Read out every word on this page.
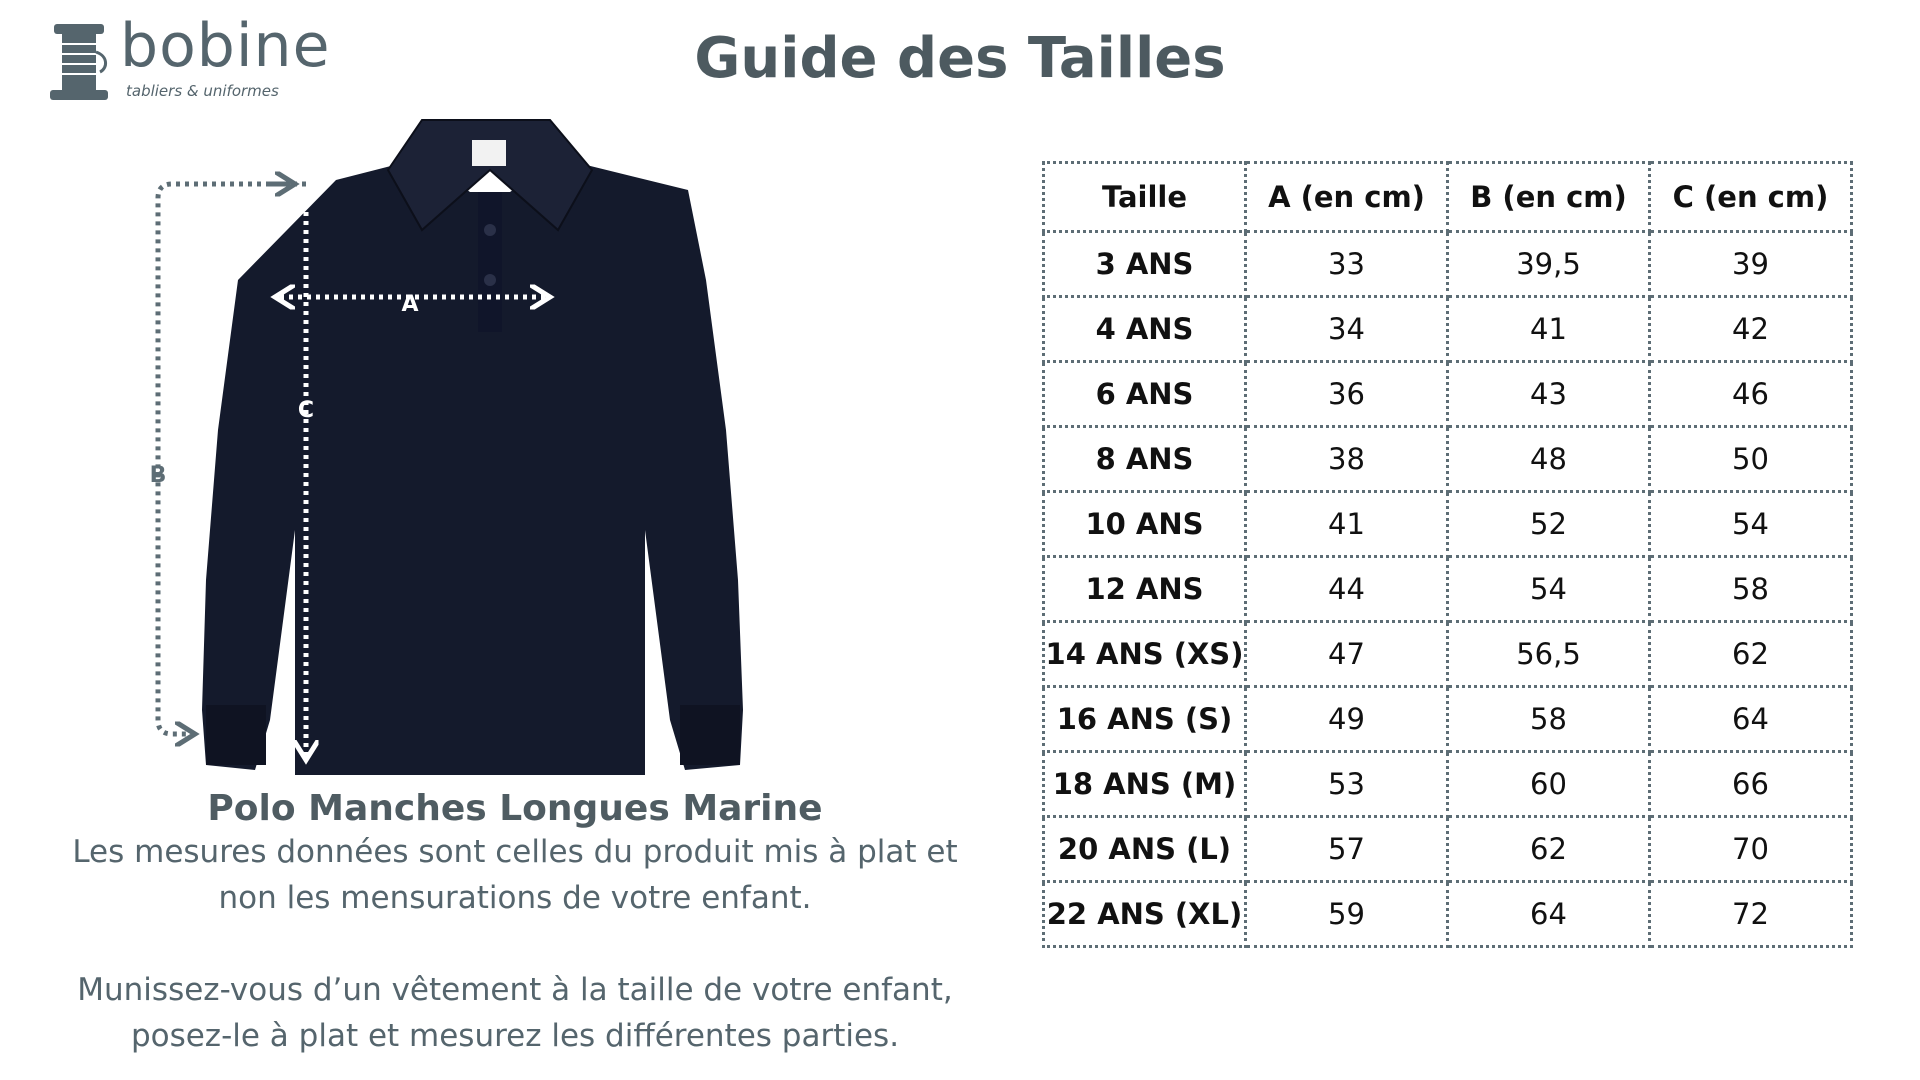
bobine
tabliers & uniformes	Guide des Tailles
A
C
B

Polo Manches Longues Marine

Les mesures données sont celles du produit mis à plat et

non les mensurations de votre enfant.

Munissez-vous d’un vêtement à la taille de votre enfant,

posez-le à plat et mesurez les différentes parties.

Taille	A (en cm)	B (en cm)	C (en cm)
3 ANS	33	39,5	39
4 ANS	34	41	42
6 ANS	36	43	46
8 ANS	38	48	50
10 ANS	41	52	54
12 ANS	44	54	58
14 ANS (XS)	47	56,5	62
16 ANS (S)	49	58	64
18 ANS (M)	53	60	66
20 ANS (L)	57	62	70
22 ANS (XL)	59	64	72
